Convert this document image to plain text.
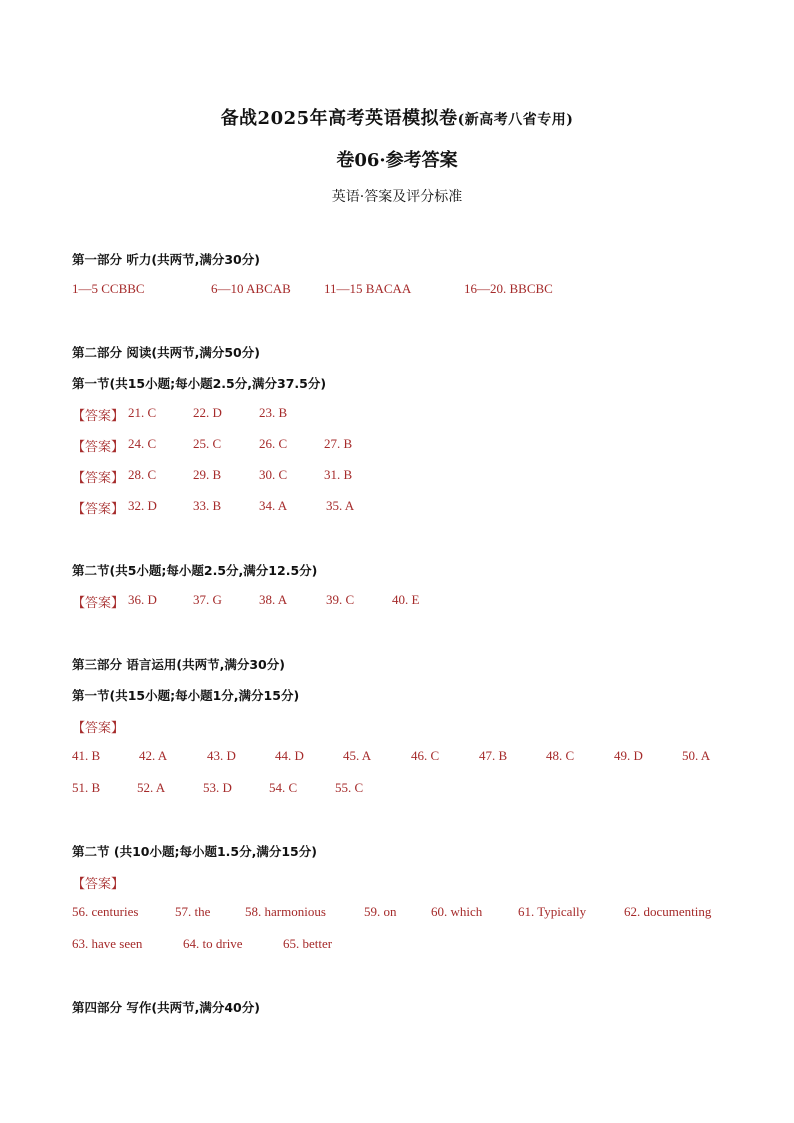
备战2025年高考英语模拟卷(新高考八省专用)
卷06·参考答案
英语·答案及评分标准
第一部分 听力(共两节,满分30分)
1—5 CCBBC	6—10 ABCAB	11—15 BACAA	16—20. BBCBC
第二部分 阅读(共两节,满分50分)
第一节(共15小题;每小题2.5分,满分37.5分)
【答案】 21. C	22. D	23. B
【答案】 24. C	25. C	26. C	27. B
【答案】 28. C	29. B	30. C	31. B
【答案】 32. D	33. B	34. A	35. A
第二节(共5小题;每小题2.5分,满分12.5分)
【答案】 36. D	37. G	38. A	39. C	40. E
第三部分 语言运用(共两节,满分30分)
第一节(共15小题;每小题1分,满分15分)
【答案】
41. B	42. A	43. D	44. D	45. A	46. C	47. B	48. C	49. D	50. A
51. B	52. A	53. D	54. C	55. C
第二节 (共10小题;每小题1.5分,满分15分)
【答案】
56. centuries	57. the	58. harmonious	59. on	60. which	61. Typically	62. documenting
63. have seen	64. to drive	65. better
第四部分 写作(共两节,满分40分)
